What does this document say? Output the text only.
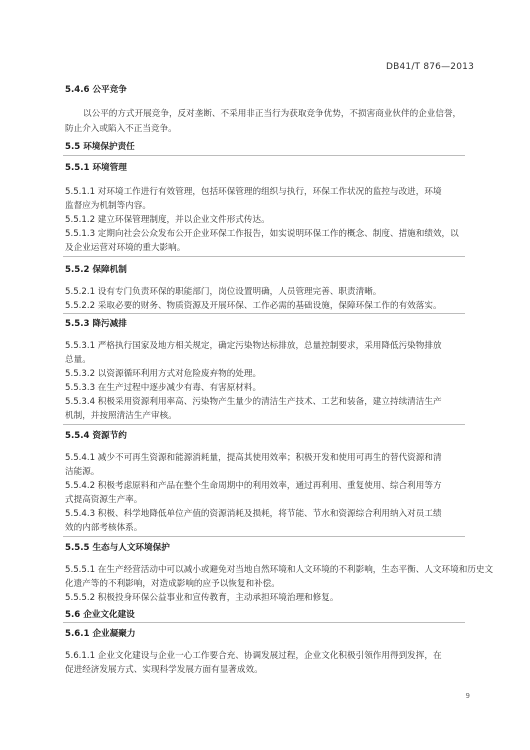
DB41/T 876—2013
5.4.6 公平竞争
以公平的方式开展竞争，反对垄断、不采用非正当行为获取竞争优势，不损害商业伙伴的企业信誉，
防止介入或陷入不正当竞争。
5.5 环境保护责任
5.5.1 环境管理
5.5.1.1 对环境工作进行有效管理，包括环保管理的组织与执行，环保工作状况的监控与改进，环境
监督应为机制等内容。
5.5.1.2 建立环保管理制度，并以企业文件形式传达。
5.5.1.3 定期向社会公众发布公开企业环保工作报告，如实说明环保工作的概念、制度、措施和绩效，以
及企业运营对环境的重大影响。
5.5.2 保障机制
5.5.2.1 设有专门负责环保的职能部门，岗位设置明确，人员管理完善、职责清晰。
5.5.2.2 采取必要的财务、物质资源及开展环保、工作必需的基础设施，保障环保工作的有效落实。
5.5.3 降污减排
5.5.3.1 严格执行国家及地方相关规定，确定污染物达标排放，总量控制要求，采用降低污染物排放
总量。
5.5.3.2 以资源循环利用方式对危险废弃物的处理。
5.5.3.3 在生产过程中逐步减少有毒、有害原材料。
5.5.3.4 积极采用资源利用率高、污染物产生量少的清洁生产技术、工艺和装备，建立持续清洁生产
机制，并按照清洁生产审核。
5.5.4 资源节约
5.5.4.1 减少不可再生资源和能源消耗量，提高其使用效率；积极开发和使用可再生的替代资源和清
洁能源。
5.5.4.2 积极考虑原料和产品在整个生命周期中的利用效率，通过再利用、重复使用、综合利用等方
式提高资源生产率。
5.5.4.3 积极、科学地降低单位产值的资源消耗及损耗，将节能、节水和资源综合利用纳入对员工绩
效的内部考核体系。
5.5.5 生态与人文环境保护
5.5.5.1 在生产经营活动中可以减小或避免对当地自然环境和人文环境的不利影响，生态平衡、人文环境和历史文
化遗产等的不利影响，对造成影响的应予以恢复和补偿。
5.5.5.2 积极投身环保公益事业和宣传教育，主动承担环境治理和修复。
5.6 企业文化建设
5.6.1 企业凝聚力
5.6.1.1 企业文化建设与企业一心工作要合充、协调发展过程，企业文化积极引领作用得到发挥，在
促进经济发展方式、实现科学发展方面有显著成效。
9
